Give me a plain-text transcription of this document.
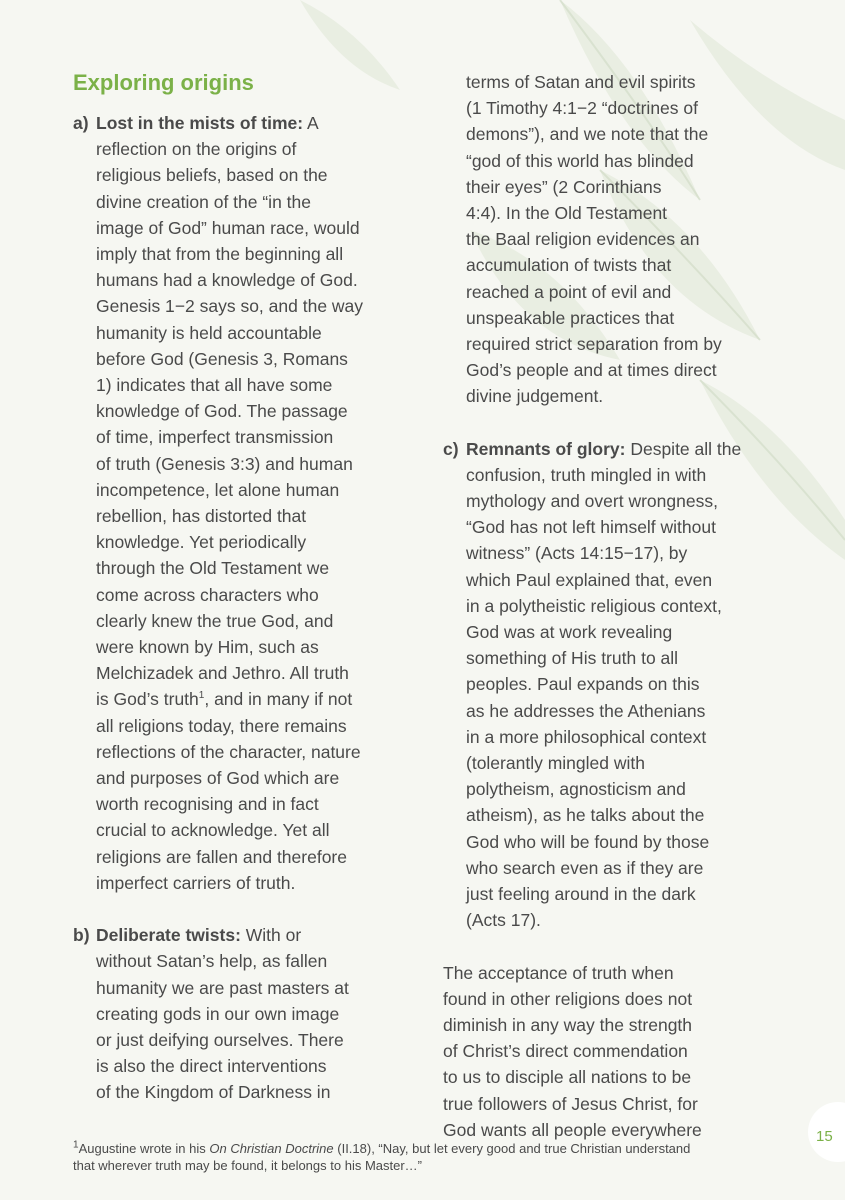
Exploring origins
a) Lost in the mists of time: A
reflection on the origins of
religious beliefs, based on the
divine creation of the “in the
image of God” human race, would
imply that from the beginning all
humans had a knowledge of God.
Genesis 1−2 says so, and the way
humanity is held accountable
before God (Genesis 3, Romans
1) indicates that all have some
knowledge of God. The passage
of time, imperfect transmission
of truth (Genesis 3:3) and human
incompetence, let alone human
rebellion, has distorted that
knowledge. Yet periodically
through the Old Testament we
come across characters who
clearly knew the true God, and
were known by Him, such as
Melchizadek and Jethro. All truth
is God’s truth$^1$, and in many if not
all religions today, there remains
reflections of the character, nature
and purposes of God which are
worth recognising and in fact
crucial to acknowledge. Yet all
religions are fallen and therefore
imperfect carriers of truth.
b) Deliberate twists: With or
without Satan’s help, as fallen
humanity we are past masters at
creating gods in our own image
or just deifying ourselves. There
is also the direct interventions
of the Kingdom of Darkness in
terms of Satan and evil spirits
(1 Timothy 4:1−2 “doctrines of
demons”), and we note that the
“god of this world has blinded
their eyes” (2 Corinthians
4:4). In the Old Testament
the Baal religion evidences an
accumulation of twists that
reached a point of evil and
unspeakable practices that
required strict separation from by
God’s people and at times direct
divine judgement.
c) Remnants of glory: Despite all the
confusion, truth mingled in with
mythology and overt wrongness,
“God has not left himself without
witness” (Acts 14:15−17), by
which Paul explained that, even
in a polytheistic religious context,
God was at work revealing
something of His truth to all
peoples. Paul expands on this
as he addresses the Athenians
in a more philosophical context
(tolerantly mingled with
polytheism, agnosticism and
atheism), as he talks about the
God who will be found by those
who search even as if they are
just feeling around in the dark
(Acts 17).
The acceptance of truth when
found in other religions does not
diminish in any way the strength
of Christ’s direct commendation
to us to disciple all nations to be
true followers of Jesus Christ, for
God wants all people everywhere	15
$^1$Augustine wrote in his On Christian Doctrine (II.18), “Nay, but let every good and true Christian understand
that wherever truth may be found, it belongs to his Master…”
